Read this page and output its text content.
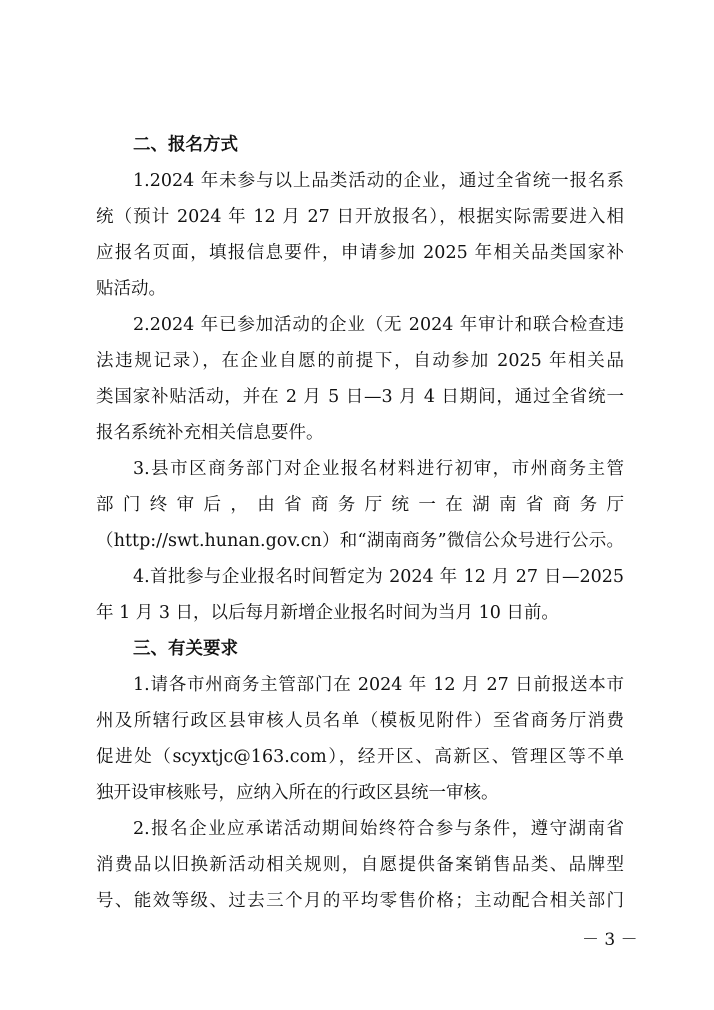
二、报名方式
1.2024 年未参与以上品类活动的企业，通过全省统一报名系
统（预计 2024 年 12 月 27 日开放报名），根据实际需要进入相
应报名页面，填报信息要件，申请参加 2025 年相关品类国家补
贴活动。
2.2024 年已参加活动的企业（无 2024 年审计和联合检查违
法违规记录），在企业自愿的前提下，自动参加 2025 年相关品
类国家补贴活动，并在 2 月 5 日—3 月 4 日期间，通过全省统一
报名系统补充相关信息要件。
3.县市区商务部门对企业报名材料进行初审，市州商务主管
部 门 终 审 后 ， 由 省 商 务 厅 统 一 在 湖 南 省 商 务 厅
（http://swt.hunan.gov.cn）和“湖南商务”微信公众号进行公示。
4.首批参与企业报名时间暂定为 2024 年 12 月 27 日—2025
年 1 月 3 日，以后每月新增企业报名时间为当月 10 日前。
三、有关要求
1.请各市州商务主管部门在 2024 年 12 月 27 日前报送本市
州及所辖行政区县审核人员名单（模板见附件）至省商务厅消费
促进处（scyxtjc@163.com），经开区、高新区、管理区等不单
独开设审核账号，应纳入所在的行政区县统一审核。
2.报名企业应承诺活动期间始终符合参与条件，遵守湖南省
消费品以旧换新活动相关规则，自愿提供备案销售品类、品牌型
号、能效等级、过去三个月的平均零售价格；主动配合相关部门
－ 3 －
